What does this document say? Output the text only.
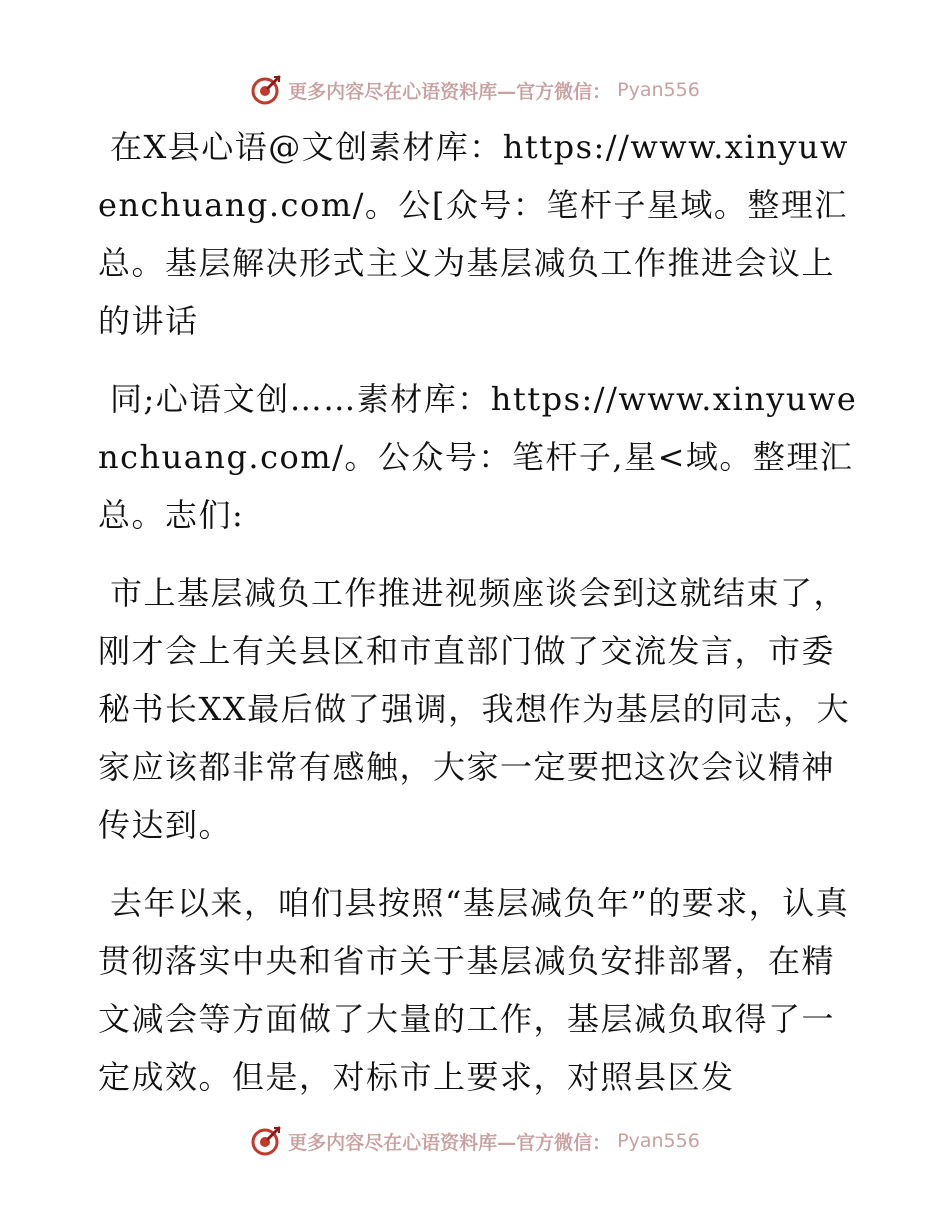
更多内容尽在心语资料库—官方微信： Pyan556

在X县心语@文创素材库：https://www.xinyuwenchuang.com/。公[众号：笔杆子星域。整理汇总。基层解决形式主义为基层减负工作推进会议上的讲话

同;心语文创……素材库：https://www.xinyuwenchuang.com/。公众号：笔杆子,星<域。整理汇总。志们:

市上基层减负工作推进视频座谈会到这就结束了，刚才会上有关县区和市直部门做了交流发言，市委秘书长XX最后做了强调，我想作为基层的同志，大家应该都非常有感触，大家一定要把这次会议精神传达到。

去年以来，咱们县按照“基层减负年”的要求，认真贯彻落实中央和省市关于基层减负安排部署，在精文减会等方面做了大量的工作，基层减负取得了一定成效。但是，对标市上要求，对照县区发

更多内容尽在心语资料库—官方微信： Pyan556
